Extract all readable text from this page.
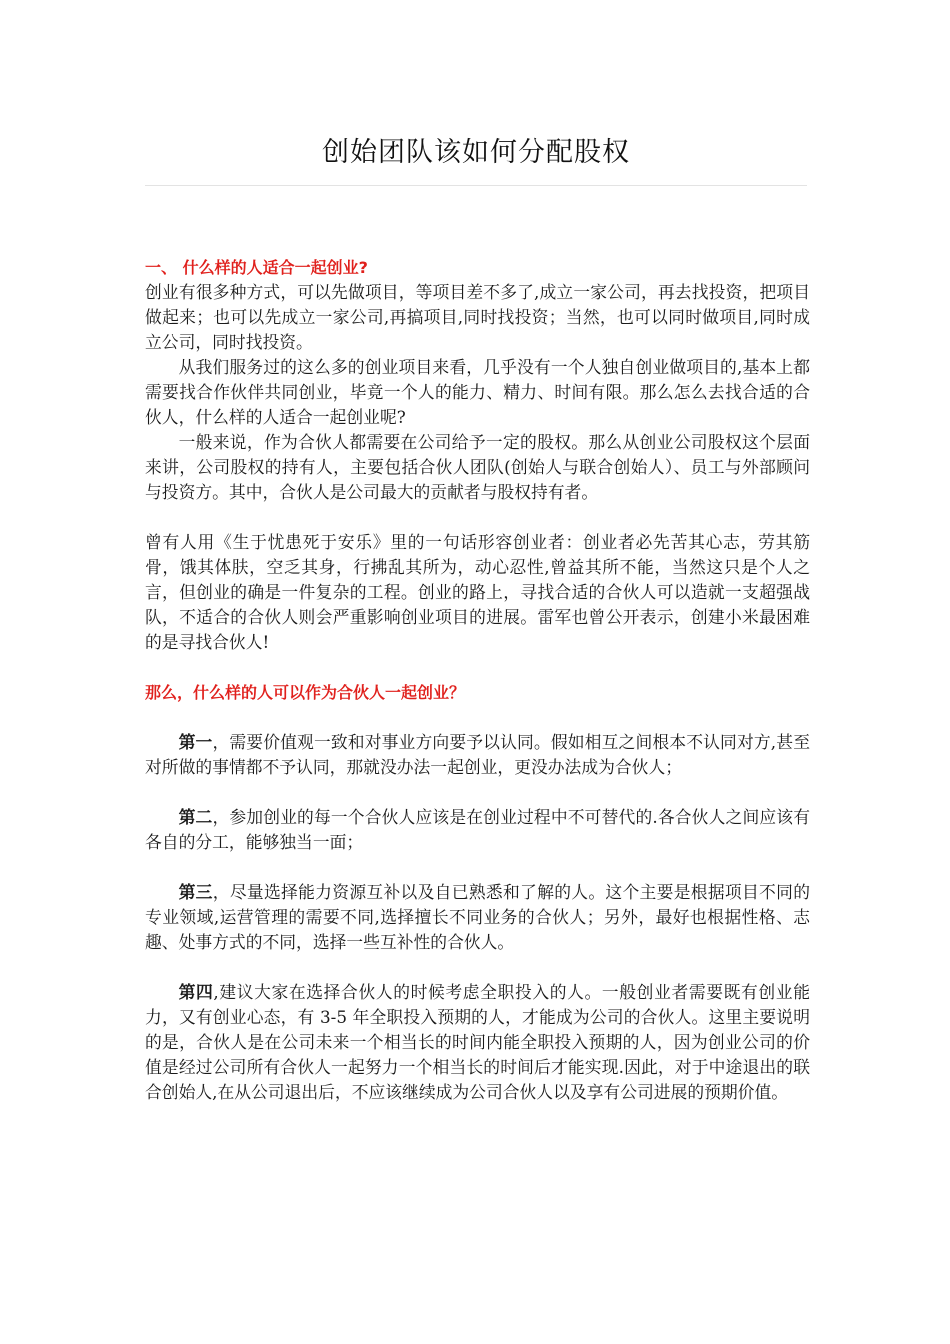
创始团队该如何分配股权

一、 什么样的人适合一起创业?

创业有很多种方式，可以先做项目，等项目差不多了,成立一家公司，再去找投资，把项目做起来；也可以先成立一家公司,再搞项目,同时找投资；当然，也可以同时做项目,同时成立公司，同时找投资。

从我们服务过的这么多的创业项目来看，几乎没有一个人独自创业做项目的,基本上都需要找合作伙伴共同创业，毕竟一个人的能力、精力、时间有限。那么怎么去找合适的合伙人，什么样的人适合一起创业呢?

一般来说，作为合伙人都需要在公司给予一定的股权。那么从创业公司股权这个层面来讲，公司股权的持有人，主要包括合伙人团队(创始人与联合创始人）、员工与外部顾问与投资方。其中，合伙人是公司最大的贡献者与股权持有者。

曾有人用《生于忧患死于安乐》里的一句话形容创业者：创业者必先苦其心志，劳其筋骨，饿其体肤，空乏其身，行拂乱其所为，动心忍性,曾益其所不能，当然这只是个人之言，但创业的确是一件复杂的工程。创业的路上，寻找合适的合伙人可以造就一支超强战队，不适合的合伙人则会严重影响创业项目的进展。雷军也曾公开表示，创建小米最困难的是寻找合伙人!

那么，什么样的人可以作为合伙人一起创业？

第一，需要价值观一致和对事业方向要予以认同。假如相互之间根本不认同对方,甚至对所做的事情都不予认同，那就没办法一起创业，更没办法成为合伙人；

第二，参加创业的每一个合伙人应该是在创业过程中不可替代的.各合伙人之间应该有各自的分工，能够独当一面；

第三，尽量选择能力资源互补以及自已熟悉和了解的人。这个主要是根据项目不同的专业领域,运营管理的需要不同,选择擅长不同业务的合伙人；另外，最好也根据性格、志趣、处事方式的不同，选择一些互补性的合伙人。

第四,建议大家在选择合伙人的时候考虑全职投入的人。一般创业者需要既有创业能力，又有创业心态，有 3-5 年全职投入预期的人，才能成为公司的合伙人。这里主要说明的是，合伙人是在公司未来一个相当长的时间内能全职投入预期的人，因为创业公司的价值是经过公司所有合伙人一起努力一个相当长的时间后才能实现.因此，对于中途退出的联合创始人,在从公司退出后，不应该继续成为公司合伙人以及享有公司进展的预期价值。
